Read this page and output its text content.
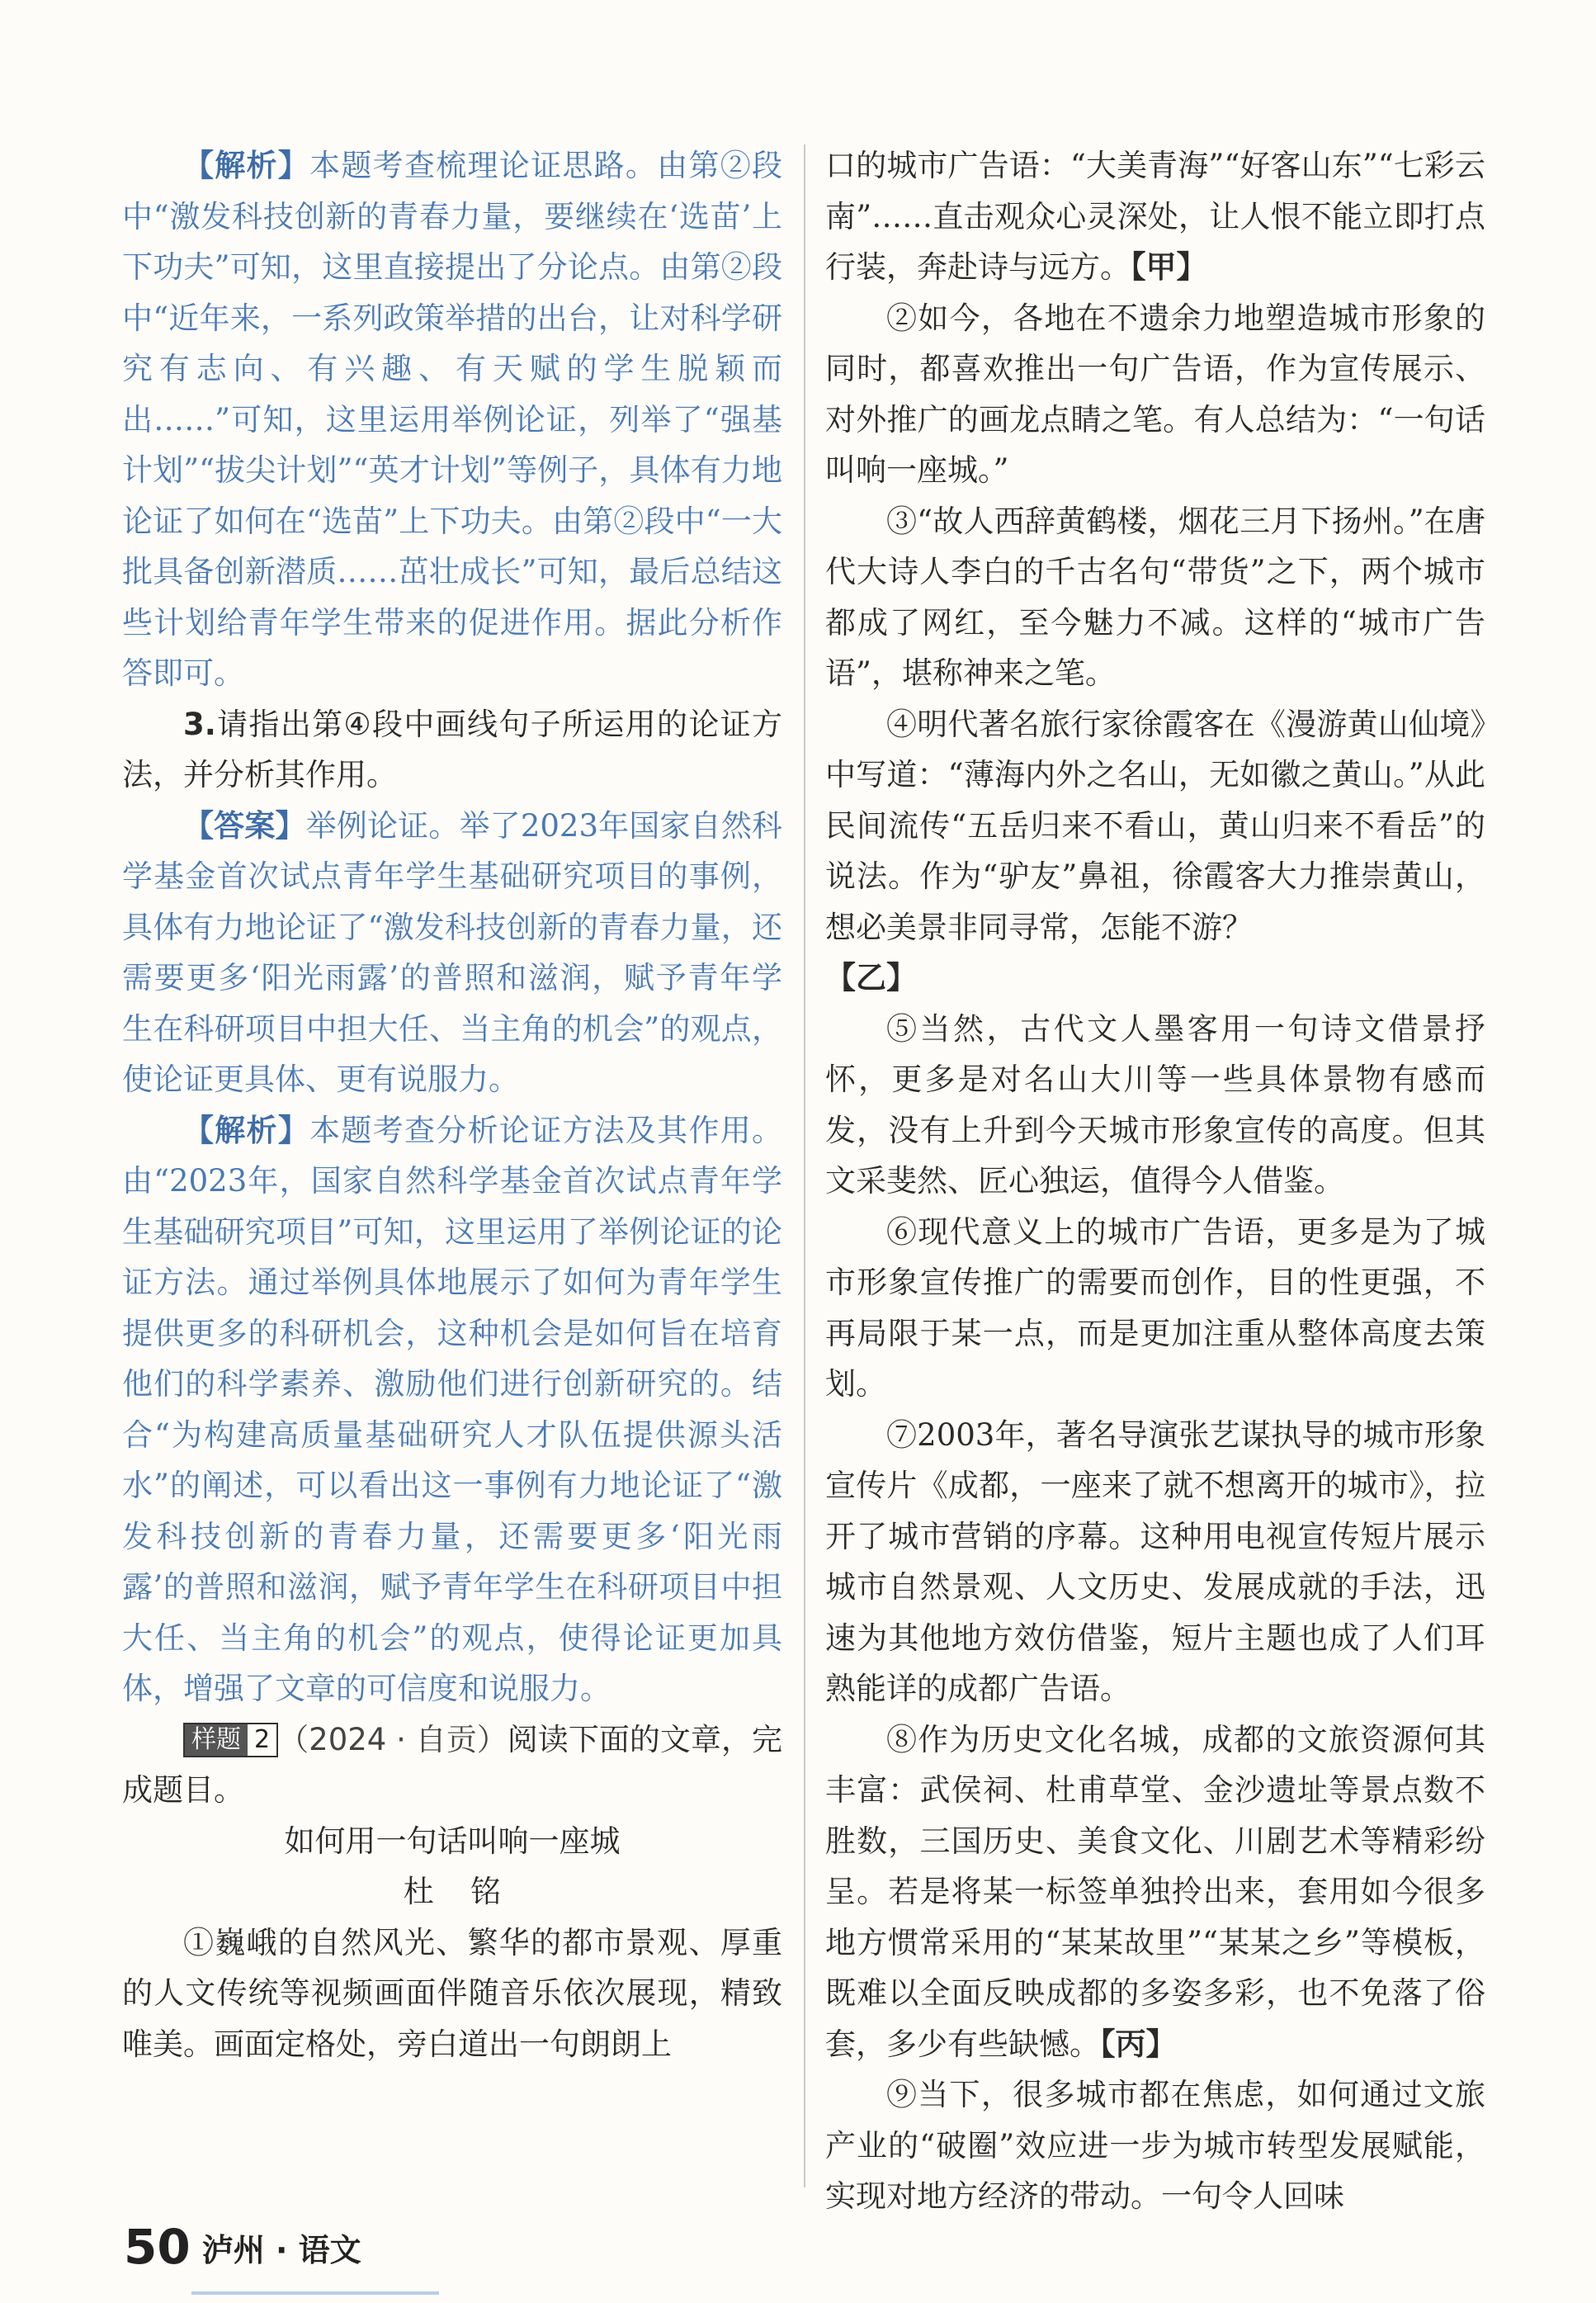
【解析】本题考查梳理论证思路。由第②段中“激发科技创新的青春力量，要继续在‘选苗’上下功夫”可知，这里直接提出了分论点。由第②段中“近年来，一系列政策举措的出台，让对科学研究有志向、有兴趣、有天赋的学生脱颖而出……”可知，这里运用举例论证，列举了“强基计划”“拔尖计划”“英才计划”等例子，具体有力地论证了如何在“选苗”上下功夫。由第②段中“一大批具备创新潜质……茁壮成长”可知，最后总结这些计划给青年学生带来的促进作用。据此分析作答即可。

3.请指出第④段中画线句子所运用的论证方法，并分析其作用。

【答案】举例论证。举了2023年国家自然科学基金首次试点青年学生基础研究项目的事例，具体有力地论证了“激发科技创新的青春力量，还需要更多‘阳光雨露’的普照和滋润，赋予青年学生在科研项目中担大任、当主角的机会”的观点，使论证更具体、更有说服力。

【解析】本题考查分析论证方法及其作用。由“2023年，国家自然科学基金首次试点青年学生基础研究项目”可知，这里运用了举例论证的论证方法。通过举例具体地展示了如何为青年学生提供更多的科研机会，这种机会是如何旨在培育他们的科学素养、激励他们进行创新研究的。结合“为构建高质量基础研究人才队伍提供源头活水”的阐述，可以看出这一事例有力地论证了“激发科技创新的青春力量，还需要更多‘阳光雨露’的普照和滋润，赋予青年学生在科研项目中担大任、当主角的机会”的观点，使得论证更加具体，增强了文章的可信度和说服力。

样题 2 （2024 · 自贡）阅读下面的文章，完成题目。

如何用一句话叫响一座城

杜铭

①巍峨的自然风光、繁华的都市景观、厚重的人文传统等视频画面伴随音乐依次展现，精致唯美。画面定格处，旁白道出一句朗朗上

口的城市广告语：“大美青海”“好客山东”“七彩云南”……直击观众心灵深处，让人恨不能立即打点行装，奔赴诗与远方。【甲】

②如今，各地在不遗余力地塑造城市形象的同时，都喜欢推出一句广告语，作为宣传展示、对外推广的画龙点睛之笔。有人总结为：“一句话叫响一座城。”

③“故人西辞黄鹤楼，烟花三月下扬州。”在唐代大诗人李白的千古名句“带货”之下，两个城市都成了网红，至今魅力不减。这样的“城市广告语”，堪称神来之笔。

④明代著名旅行家徐霞客在《漫游黄山仙境》中写道：“薄海内外之名山，无如徽之黄山。”从此民间流传“五岳归来不看山，黄山归来不看岳”的说法。作为“驴友”鼻祖，徐霞客大力推崇黄山，想必美景非同寻常，怎能不游？
【乙】

⑤当然，古代文人墨客用一句诗文借景抒怀，更多是对名山大川等一些具体景物有感而发，没有上升到今天城市形象宣传的高度。但其文采斐然、匠心独运，值得今人借鉴。

⑥现代意义上的城市广告语，更多是为了城市形象宣传推广的需要而创作，目的性更强，不再局限于某一点，而是更加注重从整体高度去策划。

⑦2003年，著名导演张艺谋执导的城市形象宣传片《成都，一座来了就不想离开的城市》，拉开了城市营销的序幕。这种用电视宣传短片展示城市自然景观、人文历史、发展成就的手法，迅速为其他地方效仿借鉴，短片主题也成了人们耳熟能详的成都广告语。

⑧作为历史文化名城，成都的文旅资源何其丰富：武侯祠、杜甫草堂、金沙遗址等景点数不胜数，三国历史、美食文化、川剧艺术等精彩纷呈。若是将某一标签单独拎出来，套用如今很多地方惯常采用的“某某故里”“某某之乡”等模板，既难以全面反映成都的多姿多彩，也不免落了俗套，多少有些缺憾。【丙】

⑨当下，很多城市都在焦虑，如何通过文旅产业的“破圈”效应进一步为城市转型发展赋能，实现对地方经济的带动。一句令人回味

50 泸州 · 语文
